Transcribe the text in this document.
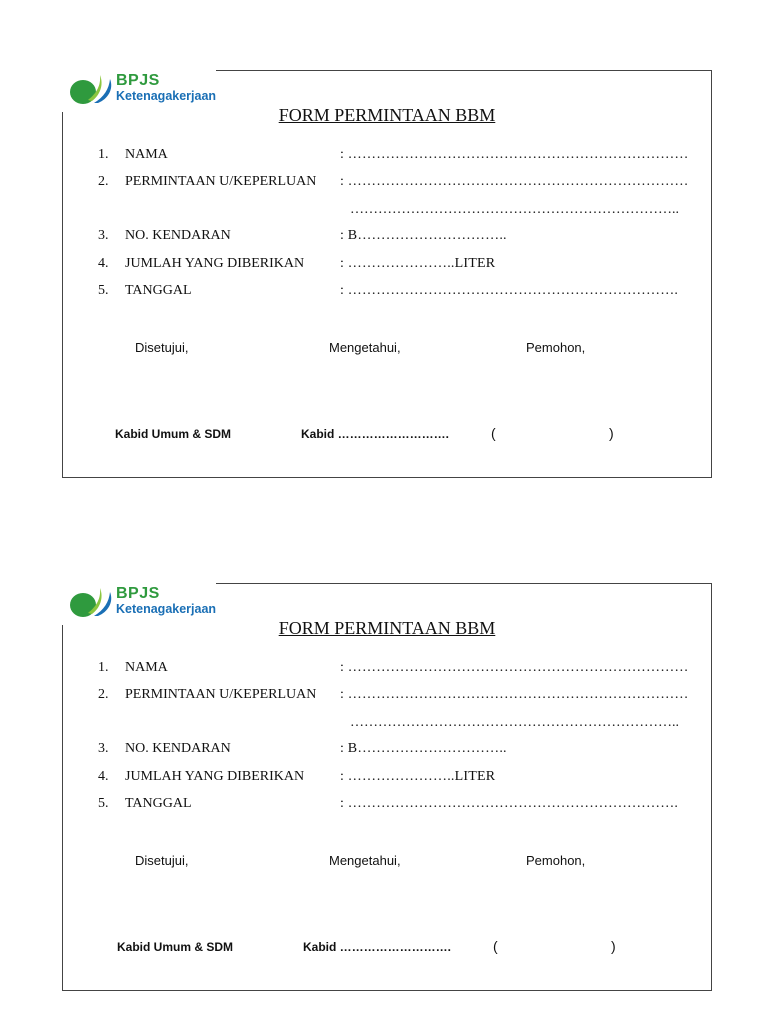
BPJS
Ketenagakerjaan
FORM PERMINTAAN BBM
1. NAMA	: ………………………………………………………………
2. PERMINTAAN U/KEPERLUAN : ………………………………………………………………
……………………………………………………………..
3. NO. KENDARAN	: B…………………………..
4. JUMLAH YANG DIBERIKAN	: …………………..LITER
5. TANGGAL	: …………………………………………………………….
Disetujui,	Mengetahui,	Pemohon,
Kabid Umum & SDM	Kabid ……………………….	(	)
BPJS
Ketenagakerjaan
FORM PERMINTAAN BBM
1. NAMA	: ………………………………………………………………
2. PERMINTAAN U/KEPERLUAN : ………………………………………………………………
……………………………………………………………..
3. NO. KENDARAN	: B…………………………..
4. JUMLAH YANG DIBERIKAN	: …………………..LITER
5. TANGGAL	: …………………………………………………………….
Disetujui,	Mengetahui,	Pemohon,
Kabid Umum & SDM	Kabid ……………………….	(	)
